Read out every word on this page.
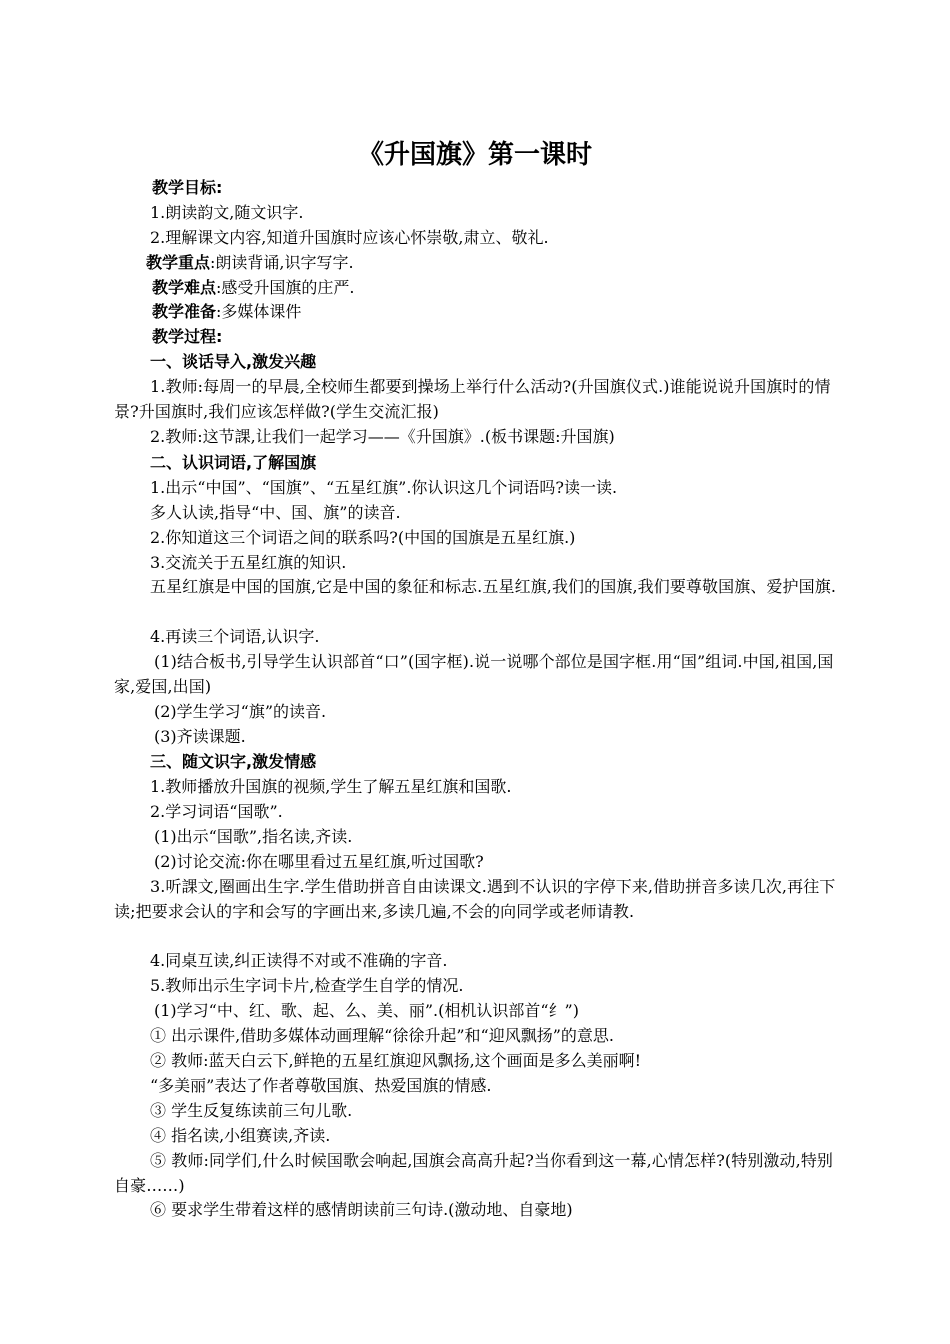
《升国旗》第一课时
教学目标:
1.朗读韵文,随文识字.
2.理解课文内容,知道升国旗时应该心怀崇敬,肃立、敬礼.
教学重点:朗读背诵,识字写字.
教学难点:感受升国旗的庄严.
教学准备:多媒体课件
教学过程:
一、谈话导入,激发兴趣
1.教师:每周一的早晨,全校师生都要到操场上举行什么活动?(升国旗仪式.)谁能说说升国旗时的情景?升国旗时,我们应该怎样做?(学生交流汇报)
2.教师:这节課,让我们一起学习——《升国旗》.(板书课题:升国旗)
二、认识词语,了解国旗
1.出示“中国”、“国旗”、“五星红旗”.你认识这几个词语吗?读一读.
多人认读,指导“中、国、旗”的读音.
2.你知道这三个词语之间的联系吗?(中国的国旗是五星红旗.)
3.交流关于五星红旗的知识.
五星红旗是中国的国旗,它是中国的象征和标志.五星红旗,我们的国旗,我们要尊敬国旗、爱护国旗.
4.再读三个词语,认识字.
(1)结合板书,引导学生认识部首“口”(国字框).说一说哪个部位是国字框.用“国”组词.中国,祖国,国家,爱国,出国)
(2)学生学习“旗”的读音.
(3)齐读课题.
三、随文识字,激发情感
1.教师播放升国旗的视频,学生了解五星红旗和国歌.
2.学习词语“国歌”.
(1)出示“国歌”,指名读,齐读.
(2)讨论交流:你在哪里看过五星红旗,听过国歌?
3.听課文,圈画出生字.学生借助拼音自由读课文.遇到不认识的字停下来,借助拼音多读几次,再往下读;把要求会认的字和会写的字画出来,多读几遍,不会的向同学或老师请教.
4.同桌互读,纠正读得不对或不准确的字音.
5.教师出示生字词卡片,检查学生自学的情况.
(1)学习“中、红、歌、起、么、美、丽”.(相机认识部首“纟”)
① 出示课件,借助多媒体动画理解“徐徐升起”和“迎风飘扬”的意思.
② 教师:蓝天白云下,鲜艳的五星红旗迎风飘扬,这个画面是多么美丽啊!
“多美丽”表达了作者尊敬国旗、热爱国旗的情感.
③ 学生反复练读前三句儿歌.
④ 指名读,小组赛读,齐读.
⑤ 教师:同学们,什么时候国歌会响起,国旗会高高升起?当你看到这一幕,心情怎样?(特别激动,特别自豪……)
⑥ 要求学生带着这样的感情朗读前三句诗.(激动地、自豪地)
